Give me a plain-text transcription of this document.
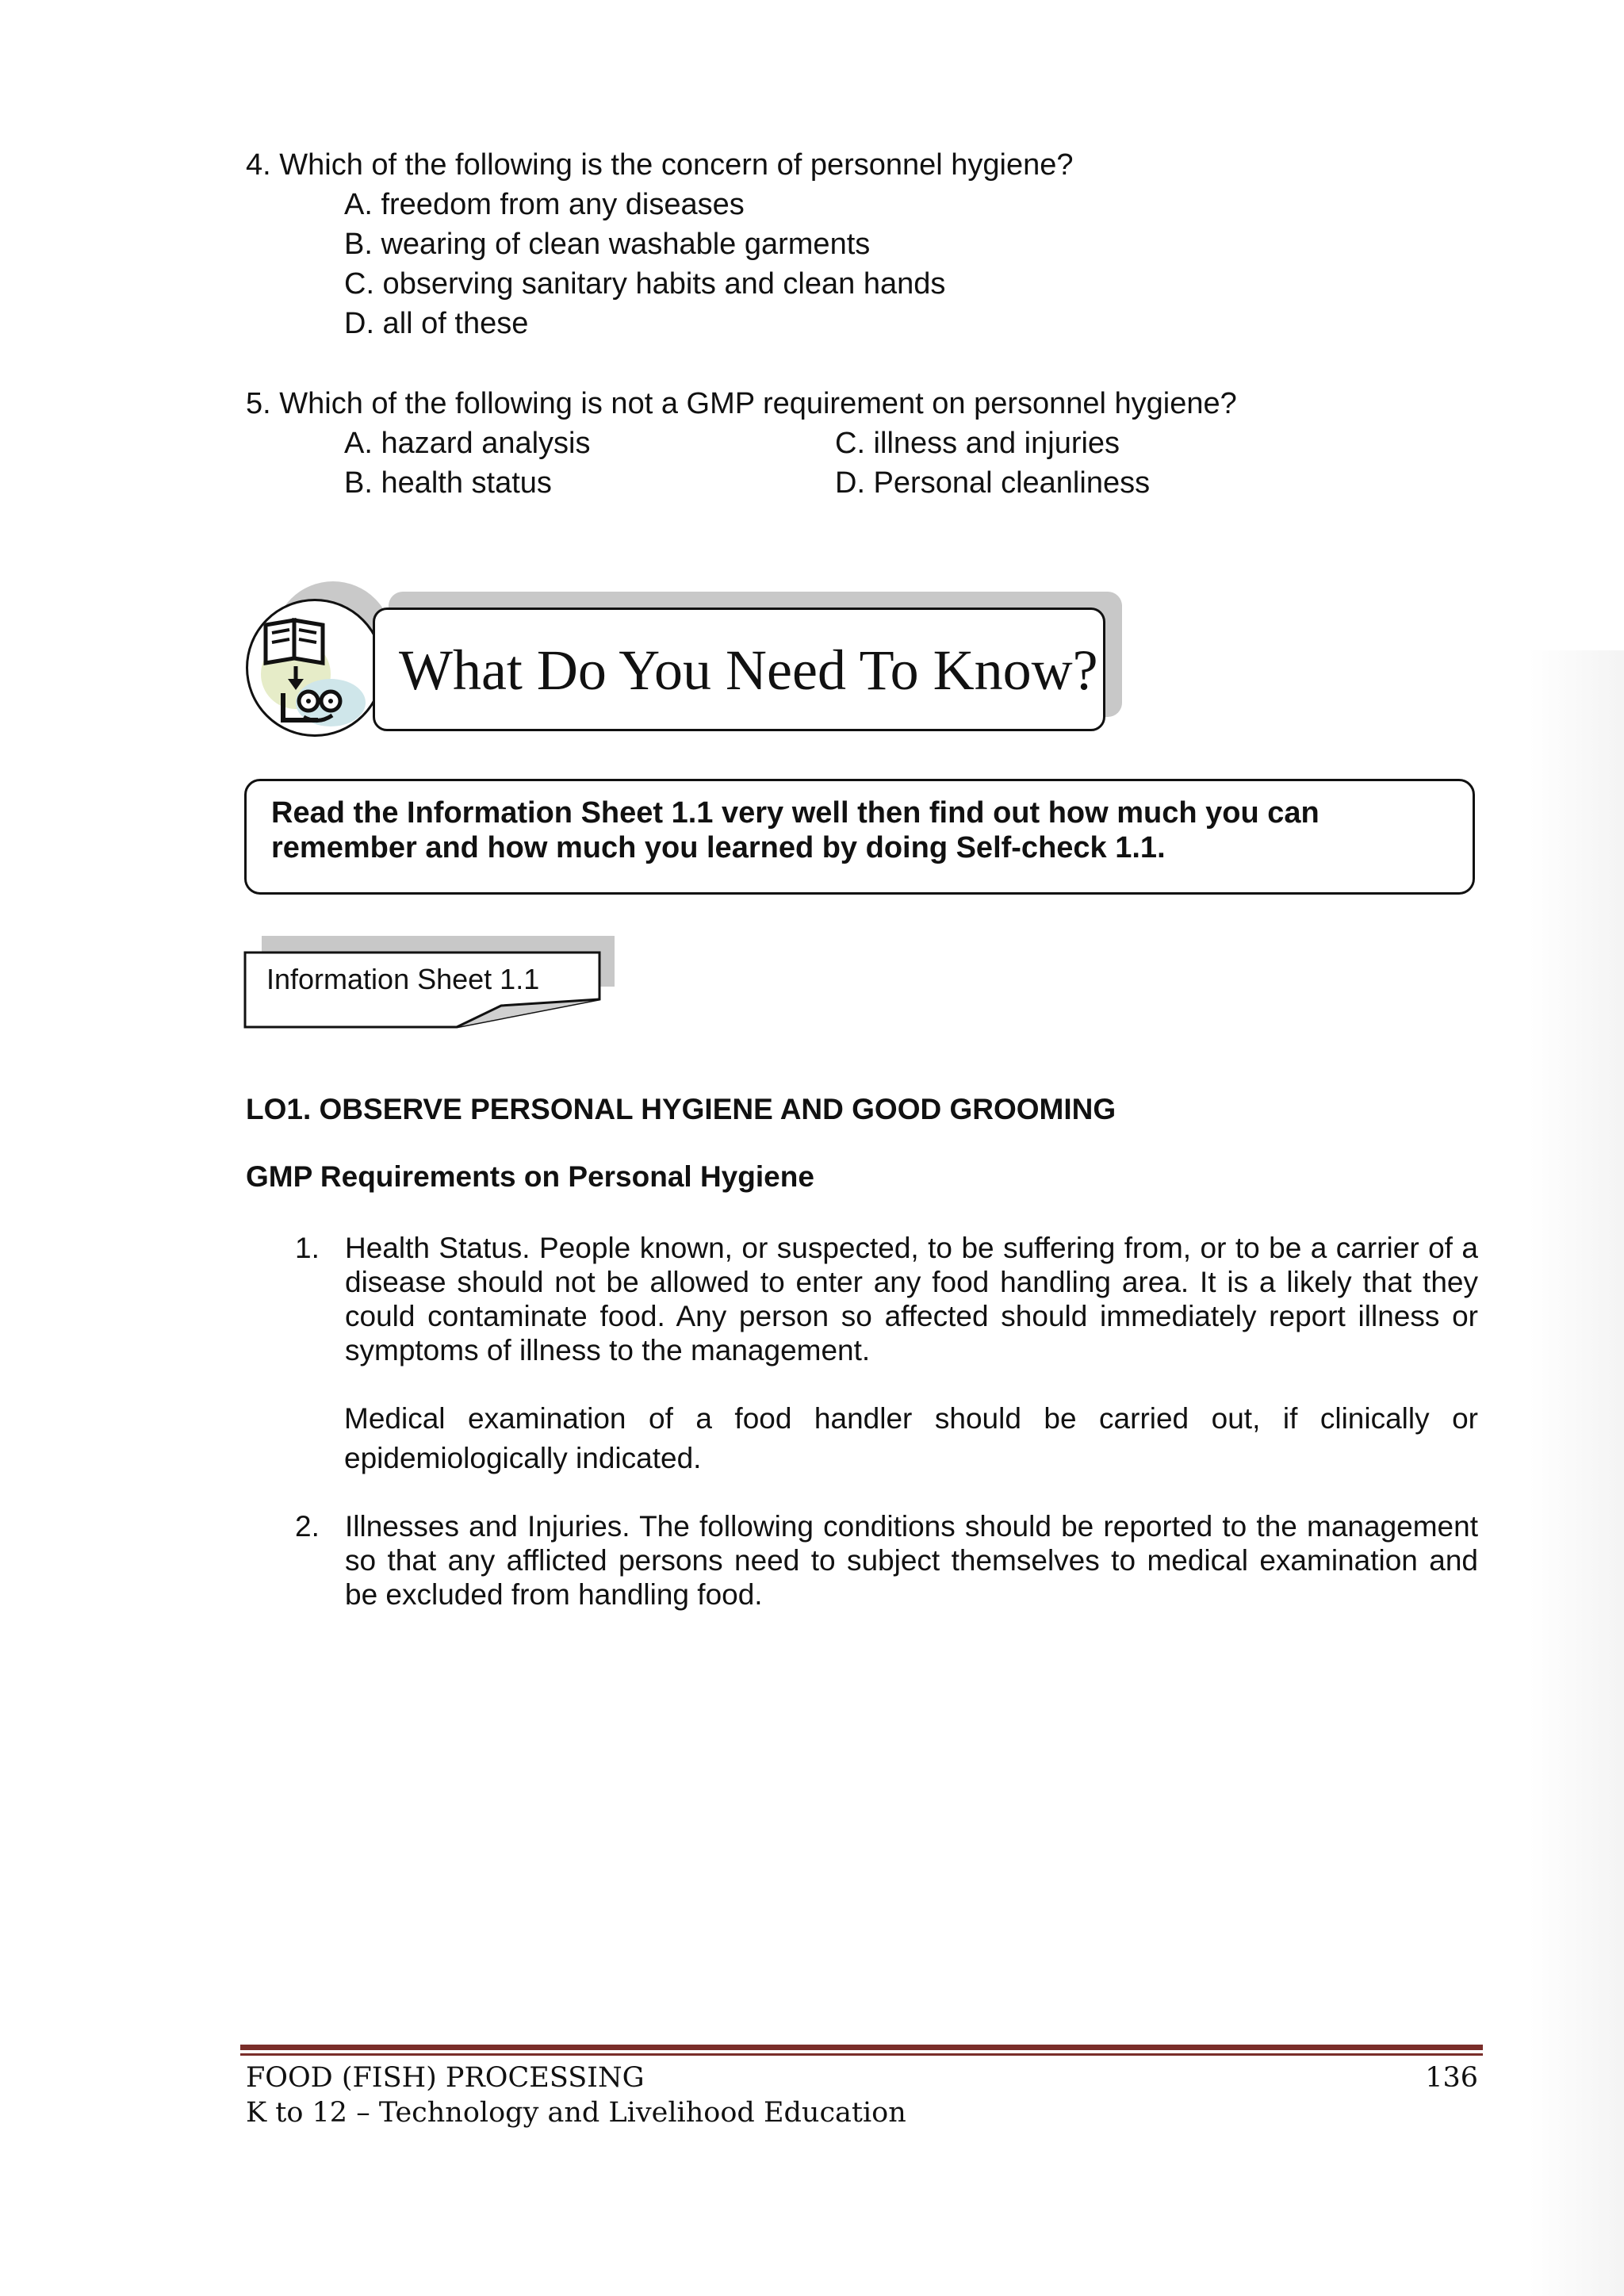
4. Which of the following is the concern of personnel hygiene?
A. freedom from any diseases
B. wearing of clean washable garments
C. observing sanitary habits and clean hands
D. all of these
5. Which of the following is not a GMP requirement on personnel hygiene?
A. hazard analysis	C. illness and injuries
B. health status	D. Personal cleanliness
What Do You Need To Know?
Read the Information Sheet 1.1 very well then find out how much you can remember and how much you learned by doing Self-check 1.1.
Information Sheet 1.1
LO1. OBSERVE PERSONAL HYGIENE AND GOOD GROOMING
GMP Requirements on Personal Hygiene
1. Health Status. People known, or suspected, to be suffering from, or to be a carrier of a disease should not be allowed to enter any food handling area. It is a likely that they could contaminate food. Any person so affected should immediately report illness or symptoms of illness to the management.
Medical examination of a food handler should be carried out, if clinically or epidemiologically indicated.
2. Illnesses and Injuries. The following conditions should be reported to the management so that any afflicted persons need to subject themselves to medical examination and be excluded from handling food.
FOOD (FISH) PROCESSING	136
K to 12 – Technology and Livelihood Education
